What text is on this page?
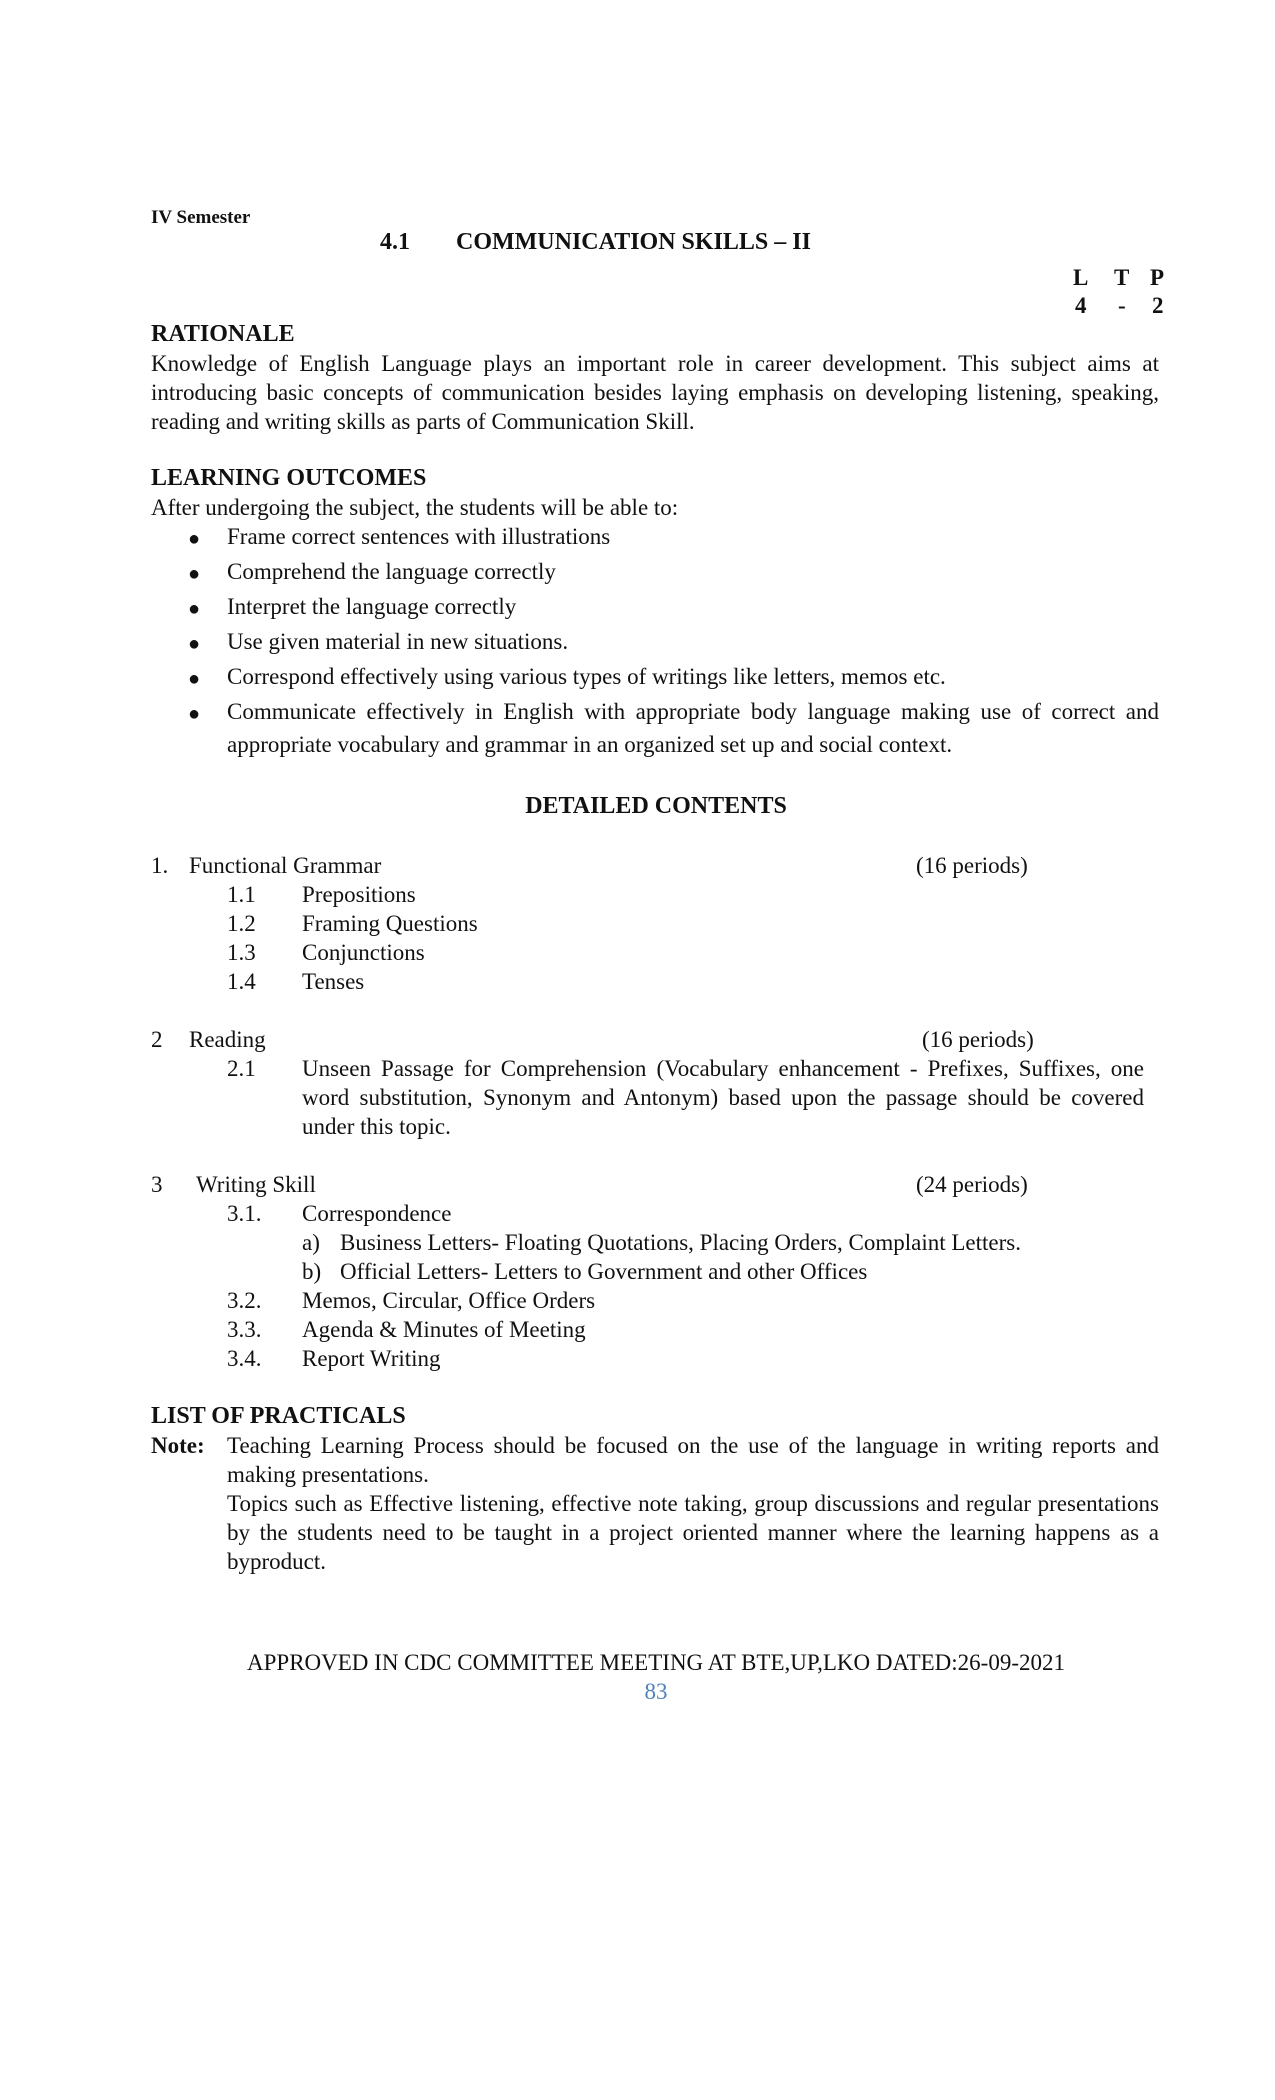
IV Semester
4.1 COMMUNICATION SKILLS – II
L T P
4 - 2
RATIONALE
Knowledge of English Language plays an important role in career development. This subject aims at introducing basic concepts of communication besides laying emphasis on developing listening, speaking, reading and writing skills as parts of Communication Skill.
LEARNING OUTCOMES
After undergoing the subject, the students will be able to:
● Frame correct sentences with illustrations
● Comprehend the language correctly
● Interpret the language correctly
● Use given material in new situations.
● Correspond effectively using various types of writings like letters, memos etc.
● Communicate effectively in English with appropriate body language making use of correct and appropriate vocabulary and grammar in an organized set up and social context.
DETAILED CONTENTS
1. Functional Grammar	(16 periods)
1.1 Prepositions
1.2 Framing Questions
1.3 Conjunctions
1.4 Tenses
2 Reading	(16 periods)
2.1 Unseen Passage for Comprehension (Vocabulary enhancement - Prefixes, Suffixes, one word substitution, Synonym and Antonym) based upon the passage should be covered under this topic.
3 Writing Skill	(24 periods)
3.1. Correspondence
a) Business Letters- Floating Quotations, Placing Orders, Complaint Letters.
b) Official Letters- Letters to Government and other Offices
3.2. Memos, Circular, Office Orders
3.3. Agenda & Minutes of Meeting
3.4. Report Writing
LIST OF PRACTICALS
Note: Teaching Learning Process should be focused on the use of the language in writing reports and making presentations.
Topics such as Effective listening, effective note taking, group discussions and regular presentations by the students need to be taught in a project oriented manner where the learning happens as a byproduct.
APPROVED IN CDC COMMITTEE MEETING AT BTE,UP,LKO DATED:26-09-2021
83
